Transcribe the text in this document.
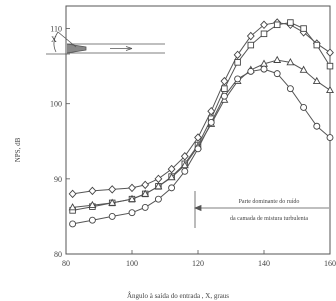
80	100	120	140	160
80
90
100
110
X
Parte dominante do ruído
da camada de mistura turbulenta
Ângulo à saída do entrada , X, graus
NPS, dB
